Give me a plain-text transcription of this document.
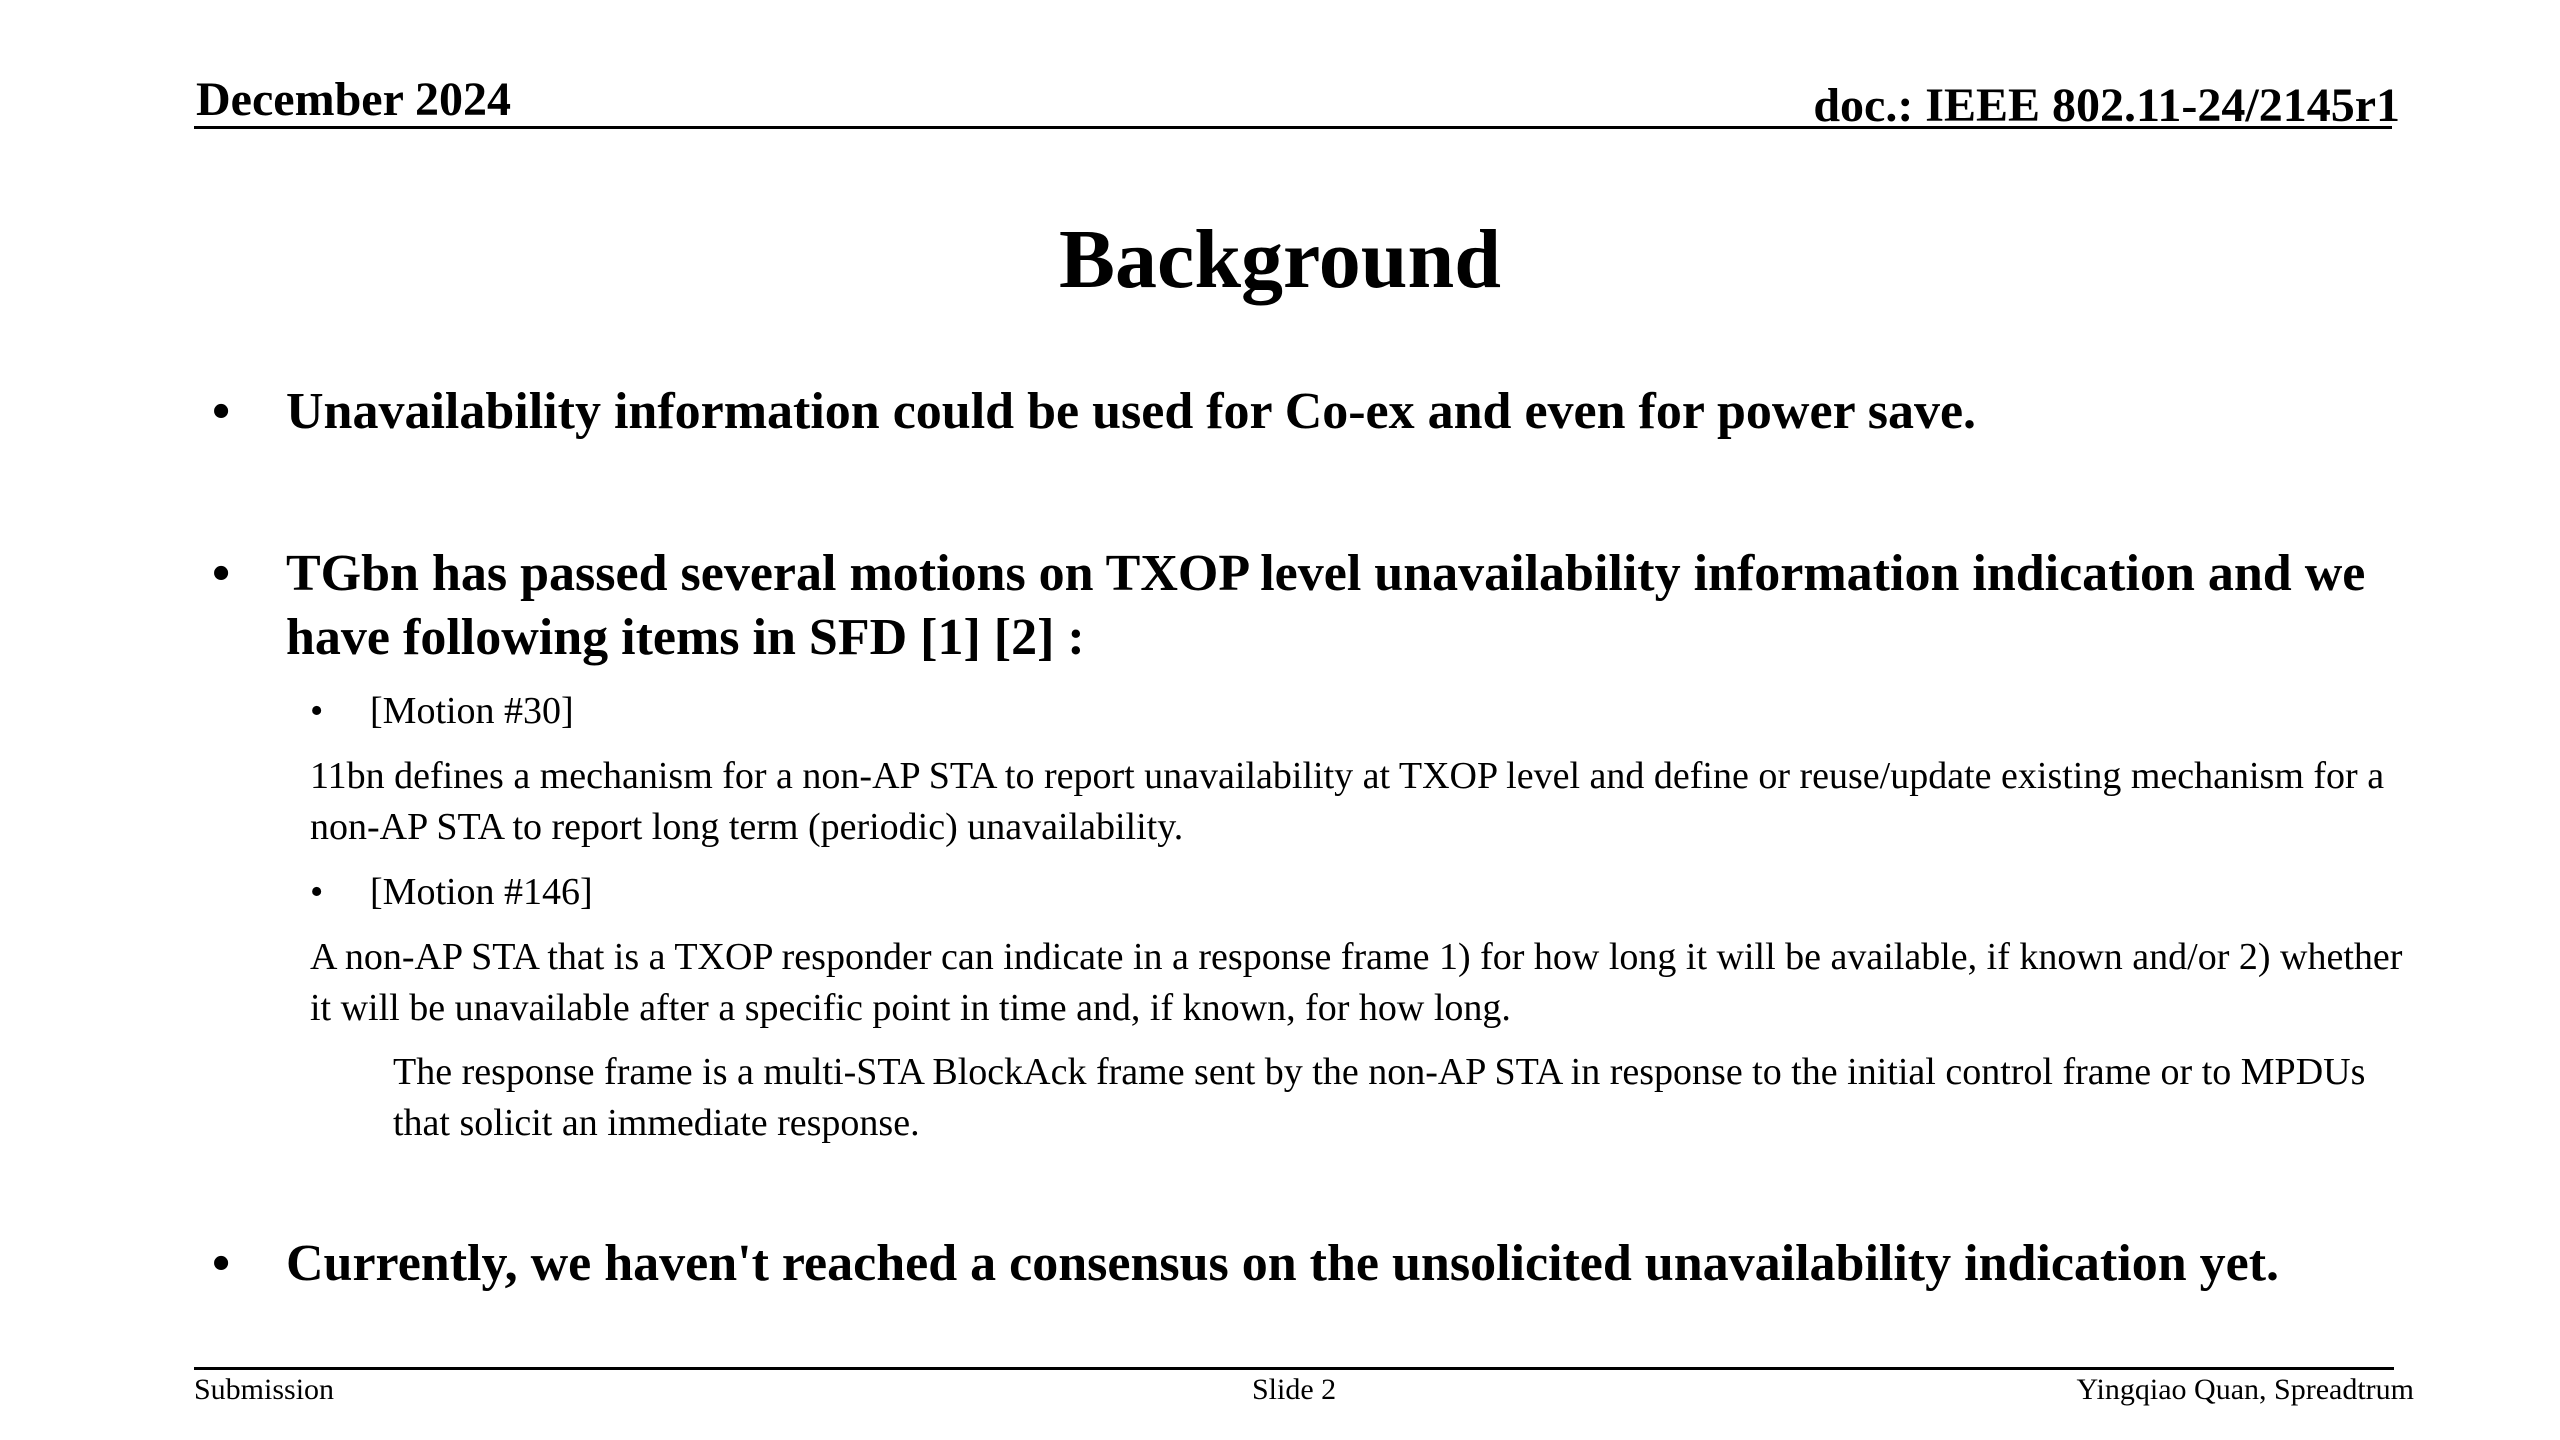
December 2024	doc.: IEEE 802.11-24/2145r1
Background
• Unavailability information could be used for Co-ex and even for power save.
• TGbn has passed several motions on TXOP level unavailability information indication and we have following items in SFD [1] [2] :
• [Motion #30]
11bn defines a mechanism for a non-AP STA to report unavailability at TXOP level and define or reuse/update existing mechanism for a non-AP STA to report long term (periodic) unavailability.
• [Motion #146]
A non-AP STA that is a TXOP responder can indicate in a response frame 1) for how long it will be available, if known and/or 2) whether it will be unavailable after a specific point in time and, if known, for how long.
The response frame is a multi-STA BlockAck frame sent by the non-AP STA in response to the initial control frame or to MPDUs that solicit an immediate response.
• Currently, we haven't reached a consensus on the unsolicited unavailability indication yet.
Submission	Slide 2	Yingqiao Quan, Spreadtrum
